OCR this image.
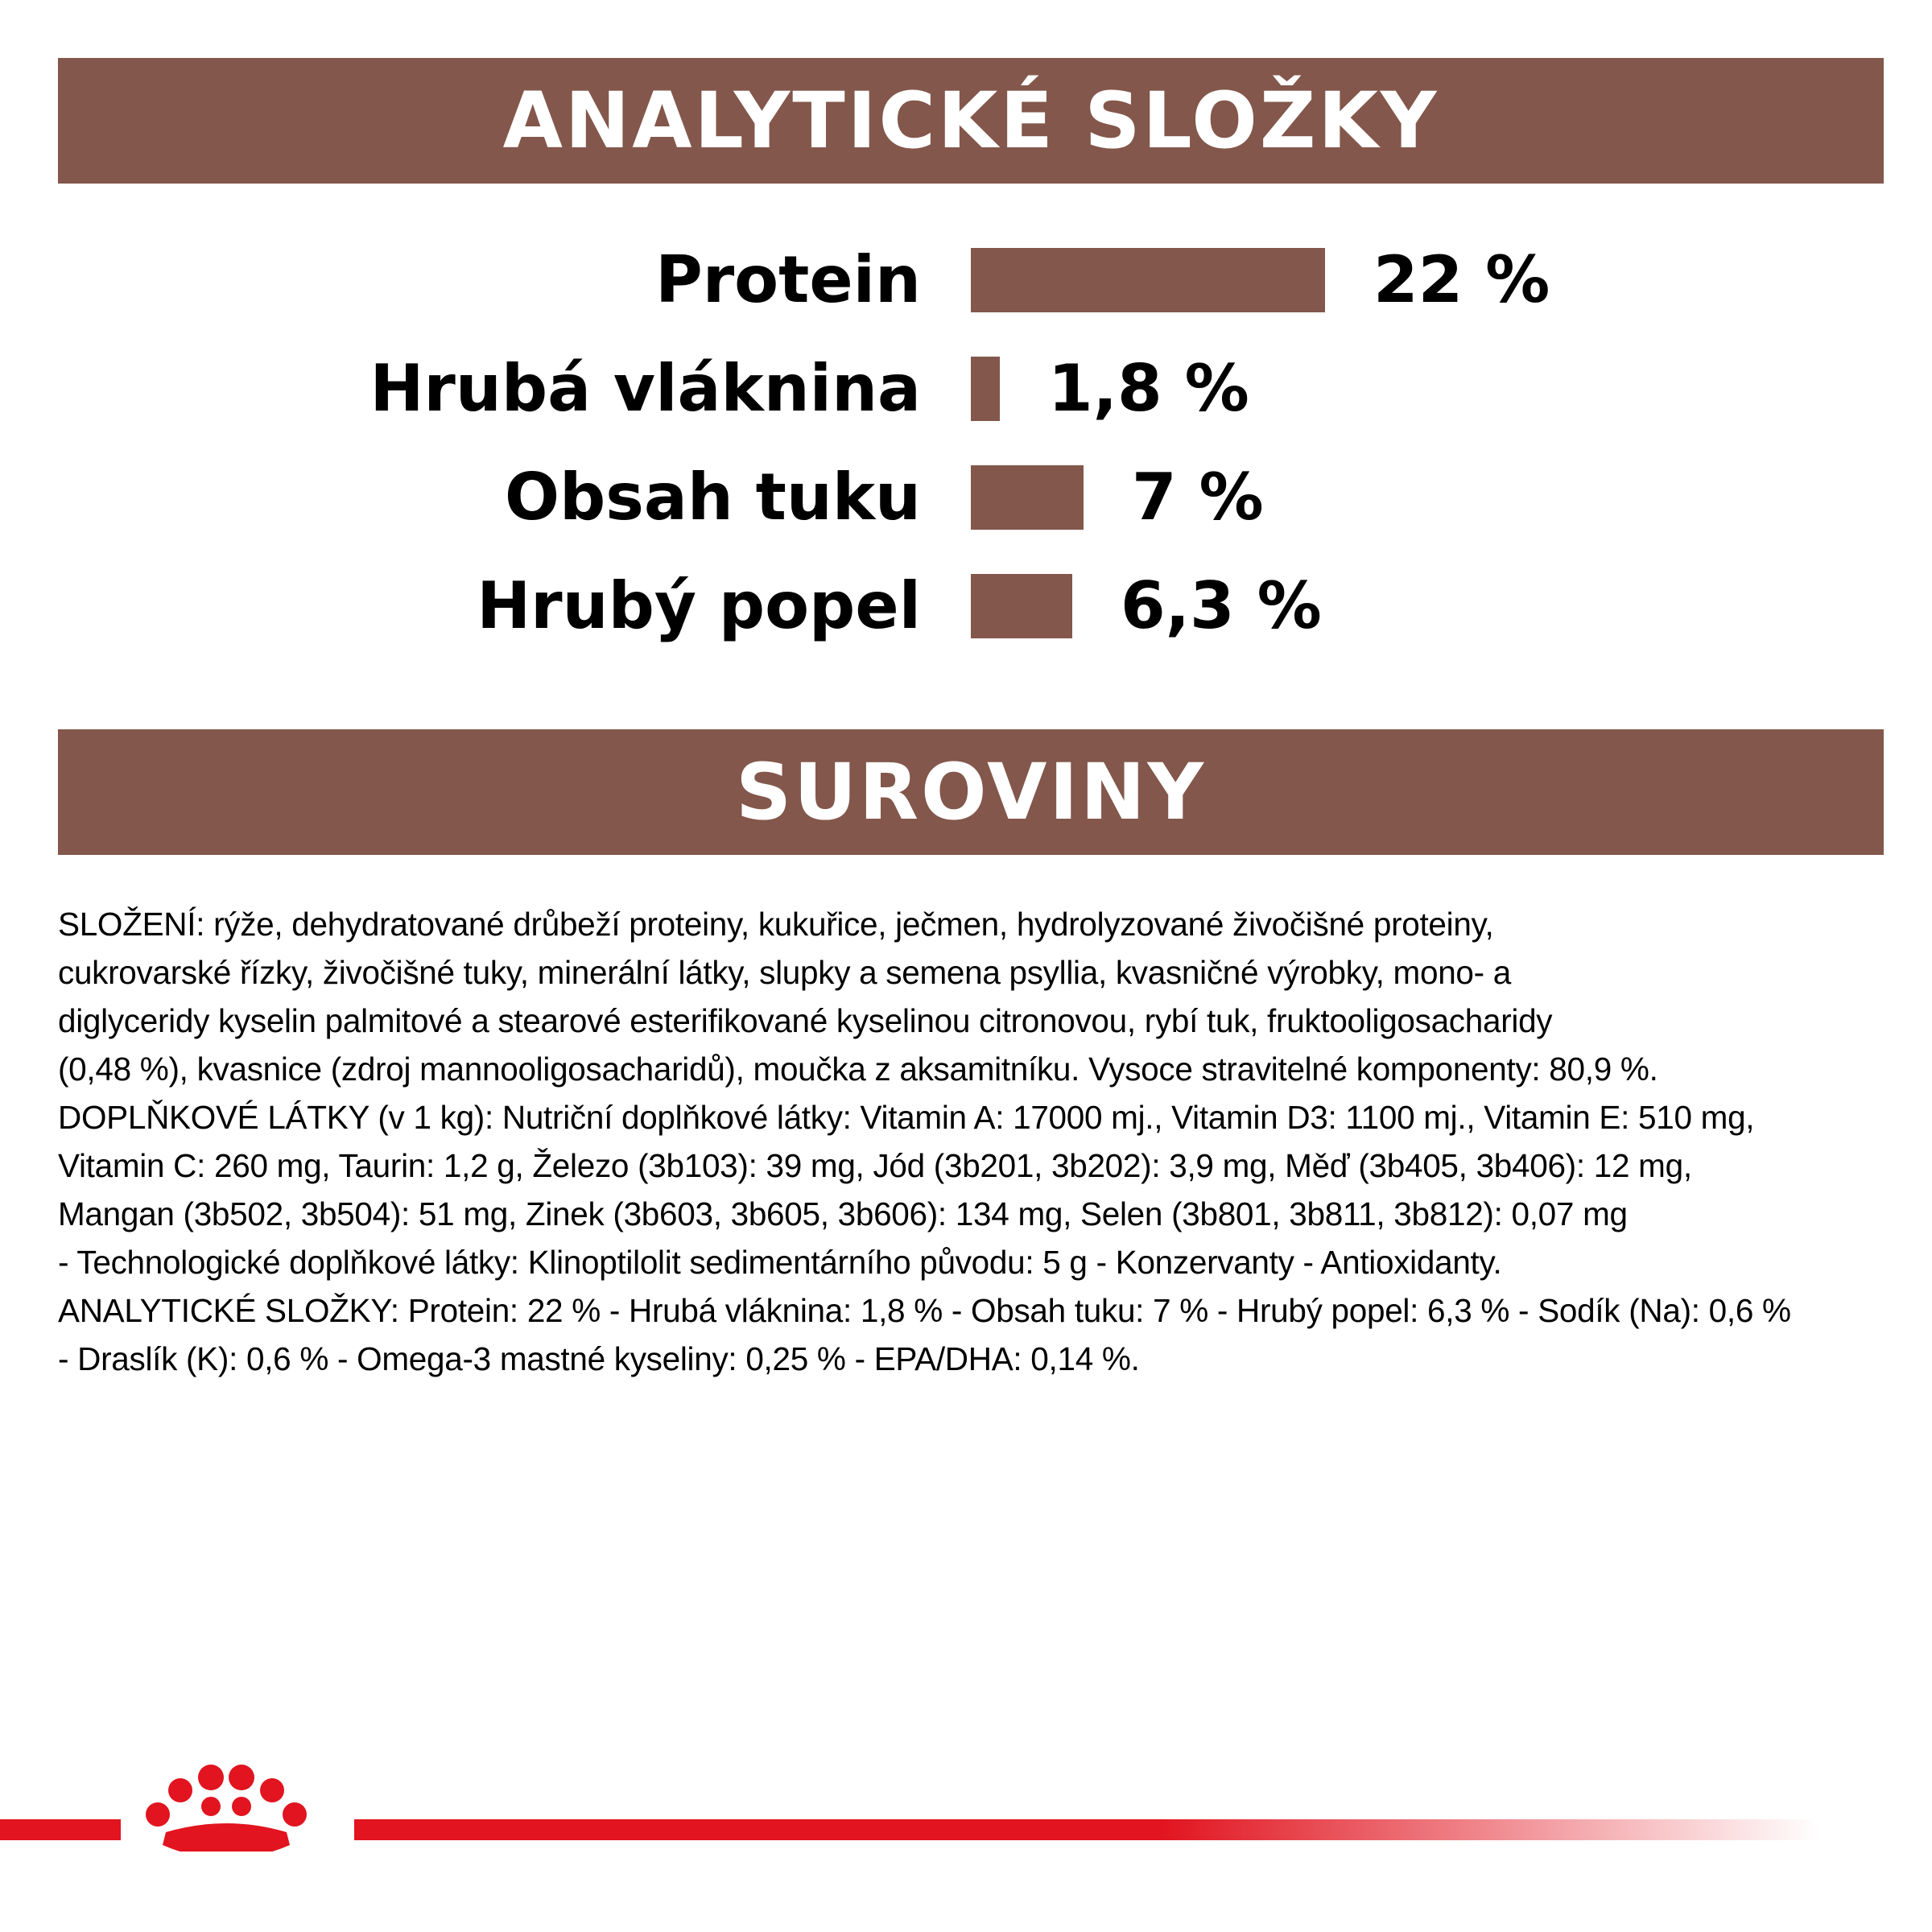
ANALYTICKÉ SLOŽKY
Protein	22 %
Hrubá vláknina 1,8 %
Obsah tuku	7 %
Hrubý popel	6,3 %
SUROVINY

SLOŽENÍ: rýže, dehydratované drůbeží proteiny, kukuřice, ječmen, hydrolyzované živočišné proteiny,

cukrovarské řízky, živočišné tuky, minerální látky, slupky a semena psyllia, kvasničné výrobky, mono- a

diglyceridy kyselin palmitové a stearové esterifikované kyselinou citronovou, rybí tuk, fruktooligosacharidy

(0,48 %), kvasnice (zdroj mannooligosacharidů), moučka z aksamitníku. Vysoce stravitelné komponenty: 80,9 %.

DOPLŇKOVÉ LÁTKY (v 1 kg): Nutriční doplňkové látky: Vitamin A: 17000 mj., Vitamin D3: 1100 mj., Vitamin E: 510 mg,

Vitamin C: 260 mg, Taurin: 1,2 g, Železo (3b103): 39 mg, Jód (3b201, 3b202): 3,9 mg, Měď (3b405, 3b406): 12 mg,

Mangan (3b502, 3b504): 51 mg, Zinek (3b603, 3b605, 3b606): 134 mg, Selen (3b801, 3b811, 3b812): 0,07 mg

- Technologické doplňkové látky: Klinoptilolit sedimentárního původu: 5 g - Konzervanty - Antioxidanty.

ANALYTICKÉ SLOŽKY: Protein: 22 % - Hrubá vláknina: 1,8 % - Obsah tuku: 7 % - Hrubý popel: 6,3 % - Sodík (Na): 0,6 %

- Draslík (K): 0,6 % - Omega-3 mastné kyseliny: 0,25 % - EPA/DHA: 0,14 %.
